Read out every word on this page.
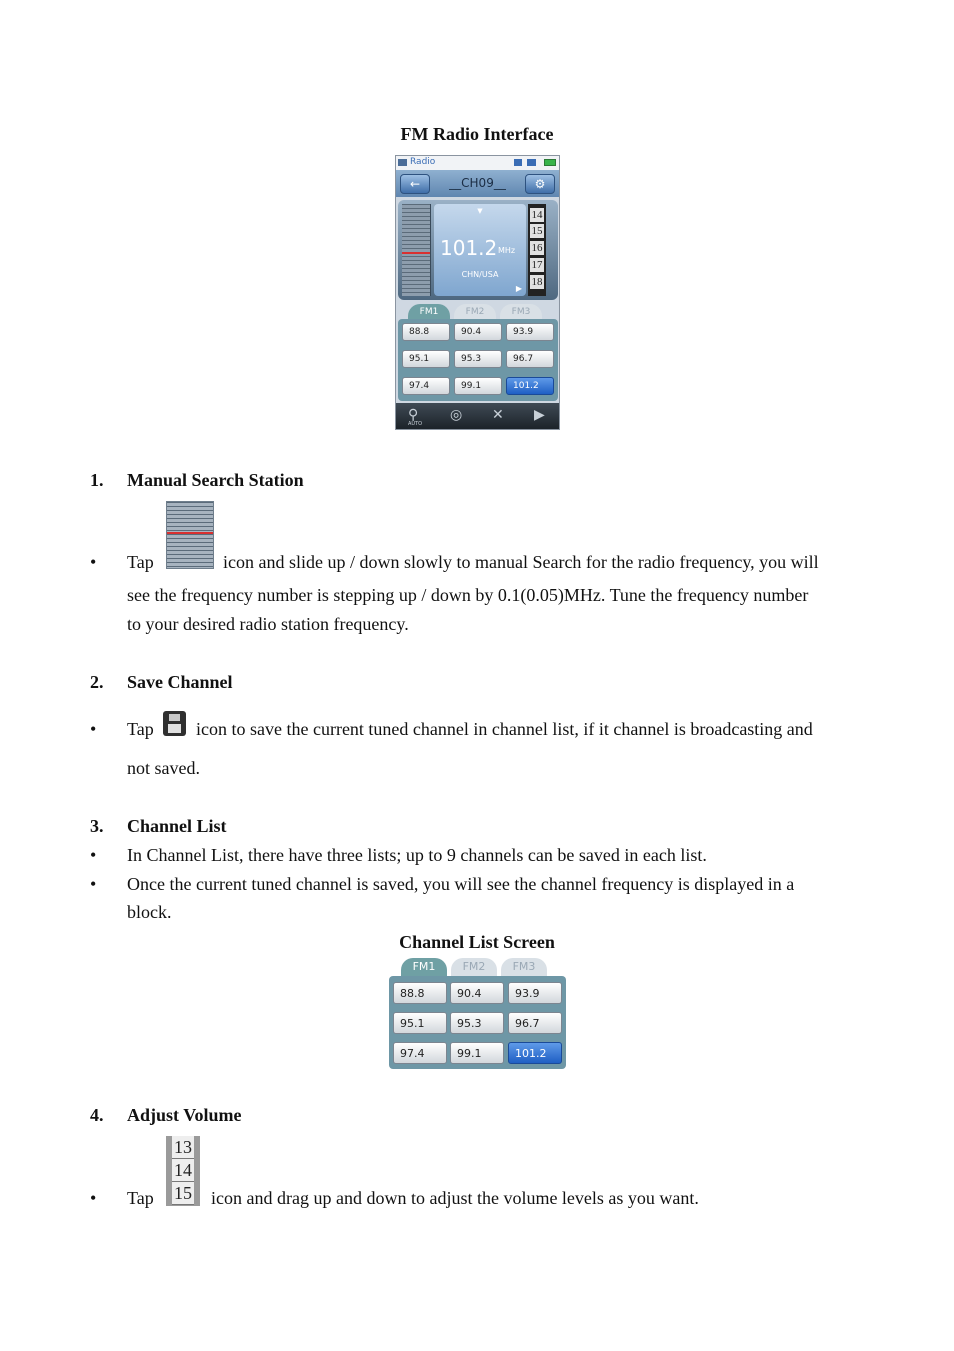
FM Radio Interface
Radio
←	__CH09__	⚙
▼
101.2 MHz
CHN/USA
▶
14
15
16
17
18
FM1	FM2	FM3
88.8	90.4	93.9
95.1	95.3	96.7
97.4	99.1	101.2
⚲
AUTO
◎ ✕ ▶
1. Manual Search Station
• Tap	icon and slide up / down slowly to manual Search for the radio frequency, you will
see the frequency number is stepping up / down by 0.1(0.05)MHz. Tune the frequency number
to your desired radio station frequency.
2. Save Channel
• Tap icon to save the current tuned channel in channel list, if it channel is broadcasting and
not saved.
3. Channel List
• In Channel List, there have three lists; up to 9 channels can be saved in each list.
• Once the current tuned channel is saved, you will see the channel frequency is displayed in a
block.
Channel List Screen
FM1	FM2	FM3
88.8	90.4	93.9
95.1	95.3	96.7
97.4	99.1	101.2
4. Adjust Volume
13
14
15
• Tap	icon and drag up and down to adjust the volume levels as you want.
